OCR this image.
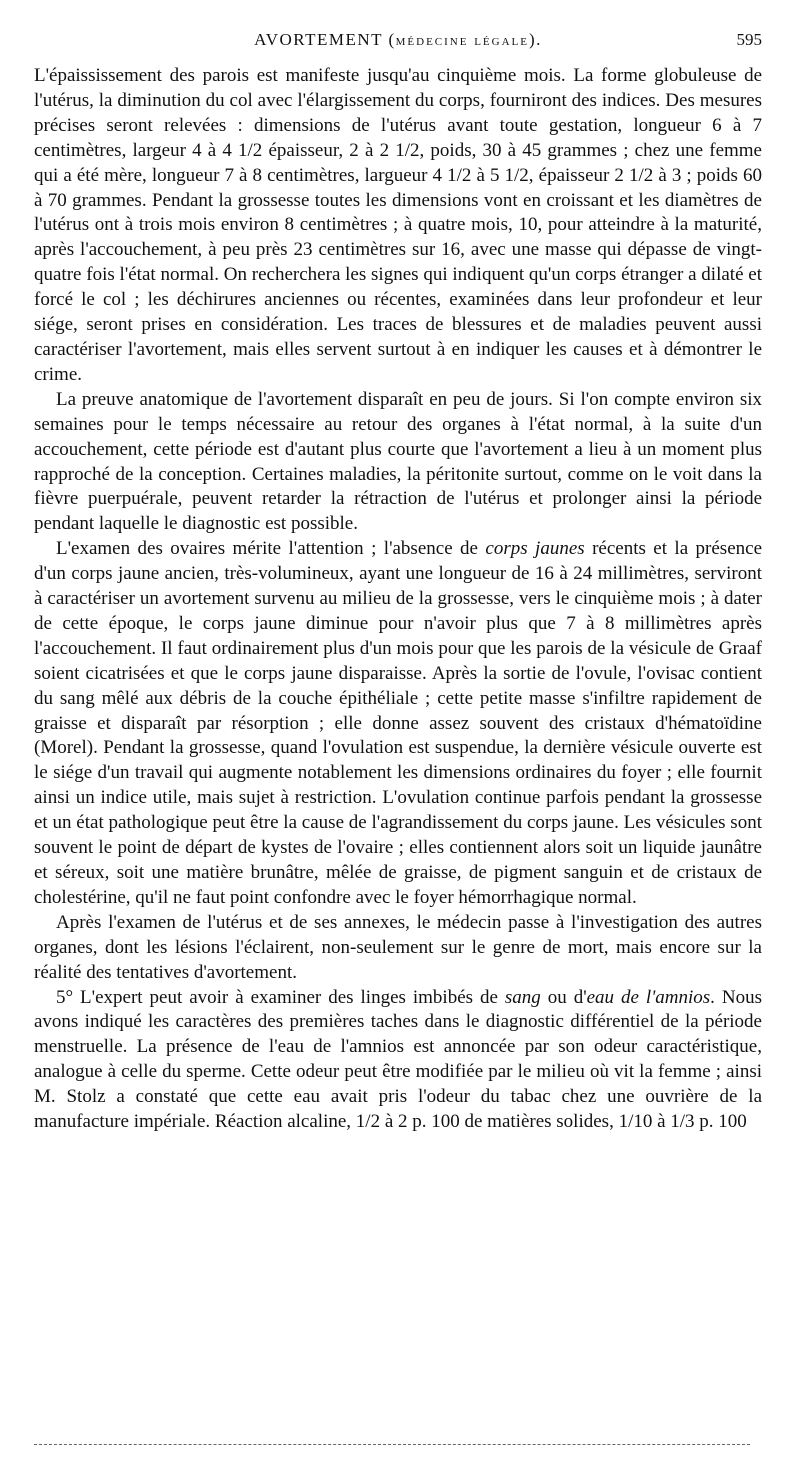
AVORTEMENT (médecine légale).	595

L'épaississement des parois est manifeste jusqu'au cinquième mois. La forme globuleuse de l'utérus, la diminution du col avec l'élargissement du corps, fourniront des indices. Des mesures précises seront relevées : dimensions de l'utérus avant toute gestation, longueur 6 à 7 centimètres, largeur 4 à 4 1/2 épaisseur, 2 à 2 1/2, poids, 30 à 45 grammes ; chez une femme qui a été mère, longueur 7 à 8 centimètres, largueur 4 1/2 à 5 1/2, épaisseur 2 1/2 à 3 ; poids 60 à 70 grammes. Pendant la grossesse toutes les dimensions vont en croissant et les diamètres de l'utérus ont à trois mois environ 8 centimètres ; à quatre mois, 10, pour atteindre à la maturité, après l'accouchement, à peu près 23 centimètres sur 16, avec une masse qui dépasse de vingt-quatre fois l'état normal. On recherchera les signes qui indiquent qu'un corps étranger a dilaté et forcé le col ; les déchirures anciennes ou récentes, examinées dans leur profondeur et leur siége, seront prises en considération. Les traces de blessures et de maladies peuvent aussi caractériser l'avortement, mais elles servent surtout à en indiquer les causes et à démontrer le crime.

La preuve anatomique de l'avortement disparaît en peu de jours. Si l'on compte environ six semaines pour le temps nécessaire au retour des organes à l'état normal, à la suite d'un accouchement, cette période est d'autant plus courte que l'avortement a lieu à un moment plus rapproché de la conception. Certaines maladies, la péritonite surtout, comme on le voit dans la fièvre puerpuérale, peuvent retarder la rétraction de l'utérus et prolonger ainsi la période pendant laquelle le diagnostic est possible.

L'examen des ovaires mérite l'attention ; l'absence de corps jaunes récents et la présence d'un corps jaune ancien, très-volumineux, ayant une longueur de 16 à 24 millimètres, serviront à caractériser un avortement survenu au milieu de la grossesse, vers le cinquième mois ; à dater de cette époque, le corps jaune diminue pour n'avoir plus que 7 à 8 millimètres après l'accouchement. Il faut ordinairement plus d'un mois pour que les parois de la vésicule de Graaf soient cicatrisées et que le corps jaune disparaisse. Après la sortie de l'ovule, l'ovisac contient du sang mêlé aux débris de la couche épithéliale ; cette petite masse s'infiltre rapidement de graisse et disparaît par résorption ; elle donne assez souvent des cristaux d'hématoïdine (Morel). Pendant la grossesse, quand l'ovulation est suspendue, la dernière vésicule ouverte est le siége d'un travail qui augmente notablement les dimensions ordinaires du foyer ; elle fournit ainsi un indice utile, mais sujet à restriction. L'ovulation continue parfois pendant la grossesse et un état pathologique peut être la cause de l'agrandissement du corps jaune. Les vésicules sont souvent le point de départ de kystes de l'ovaire ; elles contiennent alors soit un liquide jaunâtre et séreux, soit une matière brunâtre, mêlée de graisse, de pigment sanguin et de cristaux de cholestérine, qu'il ne faut point confondre avec le foyer hémorrhagique normal.

Après l'examen de l'utérus et de ses annexes, le médecin passe à l'investigation des autres organes, dont les lésions l'éclairent, non-seulement sur le genre de mort, mais encore sur la réalité des tentatives d'avortement.

5° L'expert peut avoir à examiner des linges imbibés de sang ou d'eau de l'amnios. Nous avons indiqué les caractères des premières taches dans le diagnostic différentiel de la période menstruelle. La présence de l'eau de l'amnios est annoncée par son odeur caractéristique, analogue à celle du sperme. Cette odeur peut être modifiée par le milieu où vit la femme ; ainsi M. Stolz a constaté que cette eau avait pris l'odeur du tabac chez une ouvrière de la manufacture impériale. Réaction alcaline, 1/2 à 2 p. 100 de matières solides, 1/10 à 1/3 p. 100
